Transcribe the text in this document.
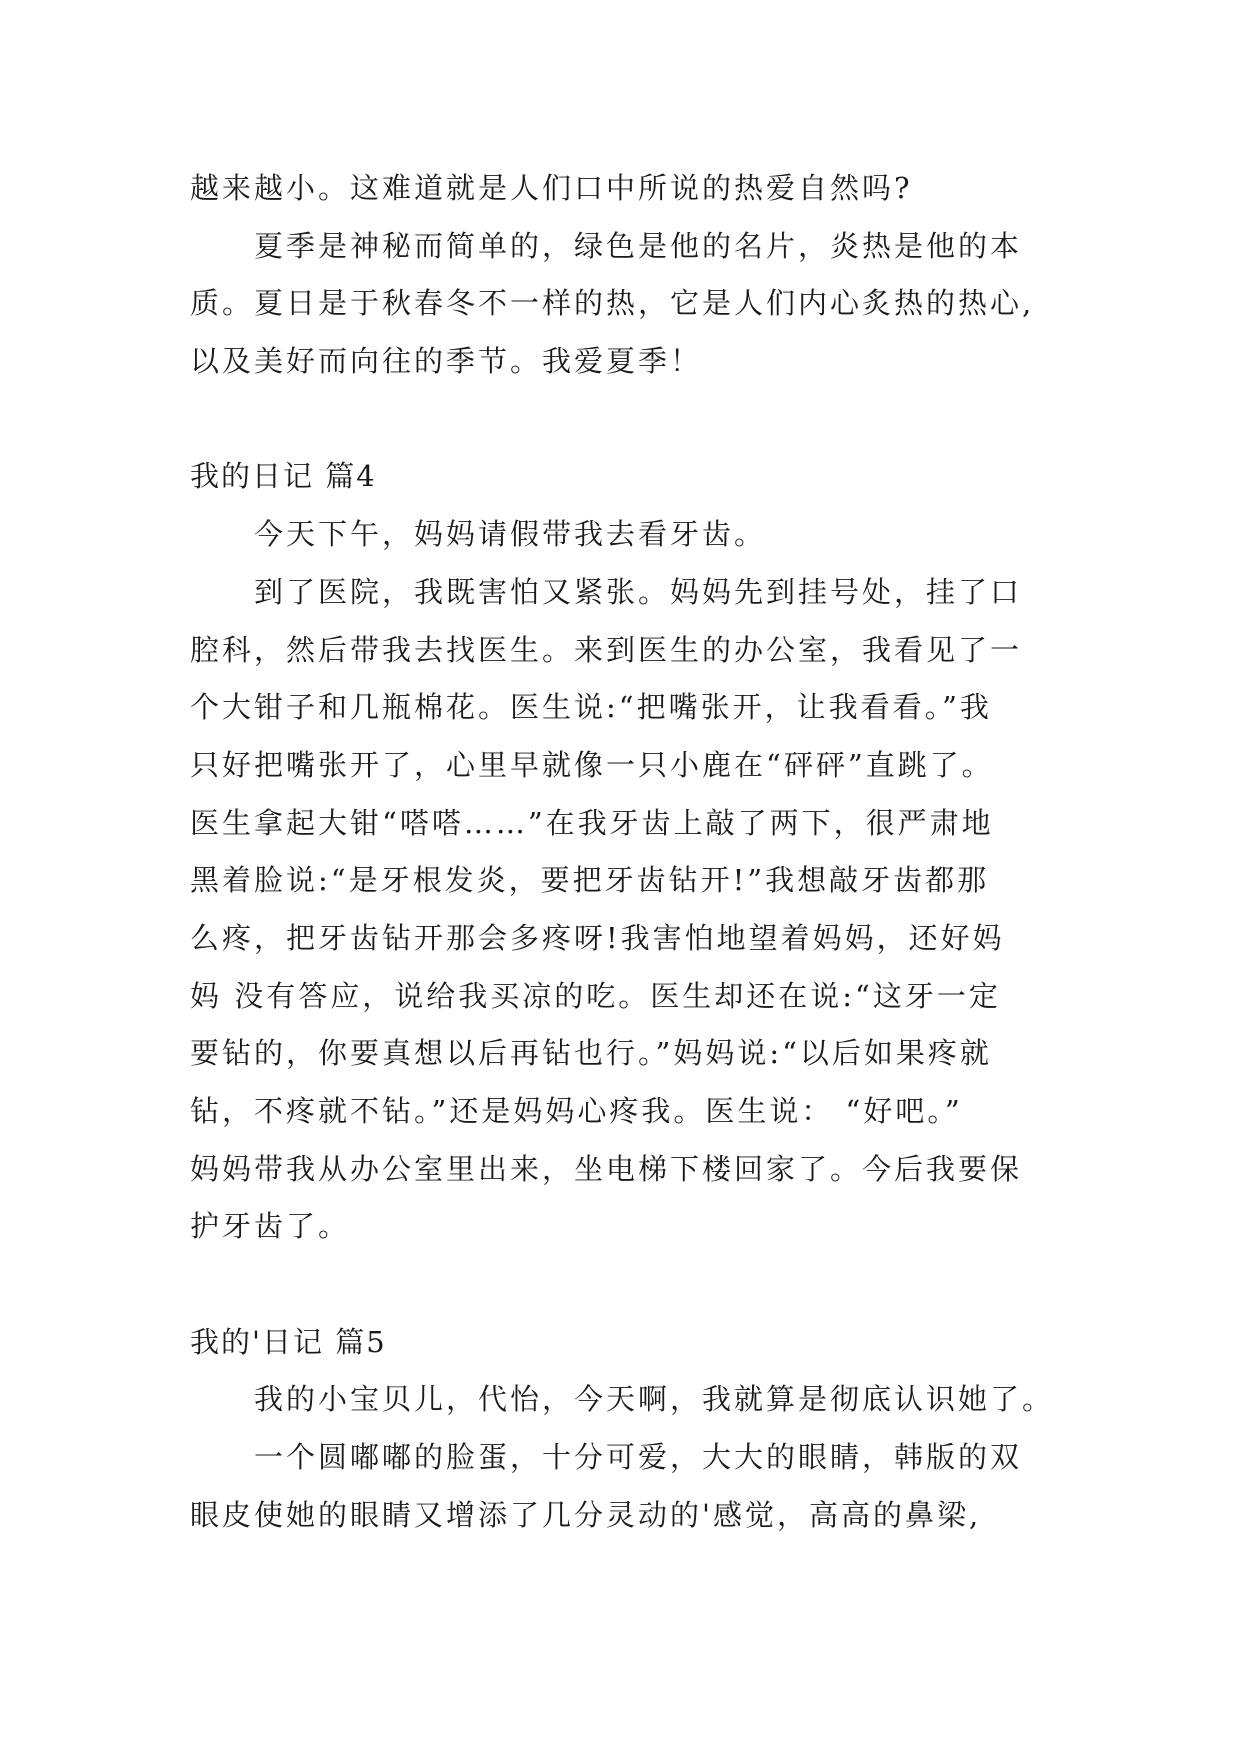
越来越小。这难道就是人们口中所说的热爱自然吗?
夏季是神秘而简单的，绿色是他的名片，炎热是他的本
质。夏日是于秋春冬不一样的热，它是人们内心炙热的热心,
以及美好而向往的季节。我爱夏季！
我的日记 篇4
今天下午，妈妈请假带我去看牙齿。
到了医院，我既害怕又紧张。妈妈先到挂号处，挂了口
腔科，然后带我去找医生。来到医生的办公室，我看见了一
个大钳子和几瓶棉花。医生说:“把嘴张开，让我看看。”我
只好把嘴张开了，心里早就像一只小鹿在“砰砰”直跳了。
医生拿起大钳“嗒嗒……”在我牙齿上敲了两下，很严肃地
黑着脸说:“是牙根发炎，要把牙齿钻开!”我想敲牙齿都那
么疼，把牙齿钻开那会多疼呀!我害怕地望着妈妈，还好妈
妈 没有答应，说给我买凉的吃。医生却还在说:“这牙一定
要钻的，你要真想以后再钻也行。”妈妈说:“以后如果疼就
钻，不疼就不钻。”还是妈妈心疼我。医生说： “好吧。”
妈妈带我从办公室里出来，坐电梯下楼回家了。今后我要保
护牙齿了。
我的'日记 篇5
我的小宝贝儿，代怡，今天啊，我就算是彻底认识她了。
一个圆嘟嘟的脸蛋，十分可爱，大大的眼睛，韩版的双
眼皮使她的眼睛又增添了几分灵动的'感觉，高高的鼻梁,
